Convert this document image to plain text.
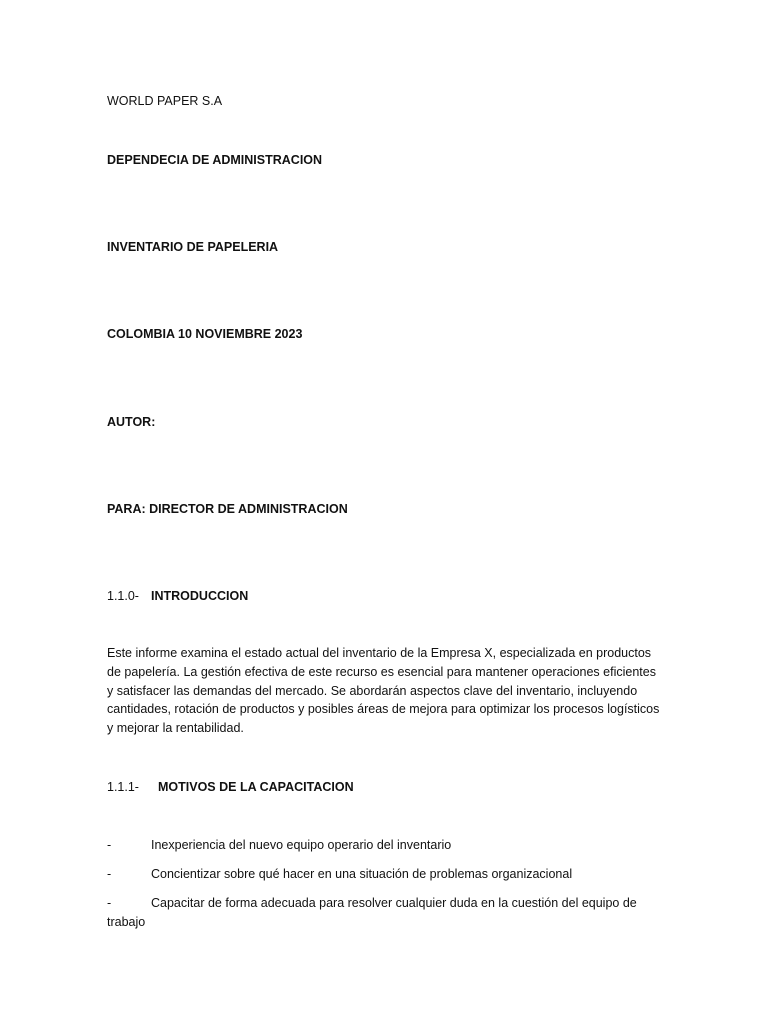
WORLD PAPER S.A
DEPENDECIA DE ADMINISTRACION
INVENTARIO DE PAPELERIA
COLOMBIA 10 NOVIEMBRE 2023
AUTOR:
PARA: DIRECTOR DE ADMINISTRACION
1.1.0- INTRODUCCION
Este informe examina el estado actual del inventario de la Empresa X, especializada en productos de papelería. La gestión efectiva de este recurso es esencial para mantener operaciones eficientes y satisfacer las demandas del mercado. Se abordarán aspectos clave del inventario, incluyendo cantidades, rotación de productos y posibles áreas de mejora para optimizar los procesos logísticos y mejorar la rentabilidad.
1.1.1- MOTIVOS DE LA CAPACITACION
-	Inexperiencia del nuevo equipo operario del inventario
-	Concientizar sobre qué hacer en una situación de problemas organizacional
-	Capacitar de forma adecuada para resolver cualquier duda en la cuestión del equipo de trabajo
